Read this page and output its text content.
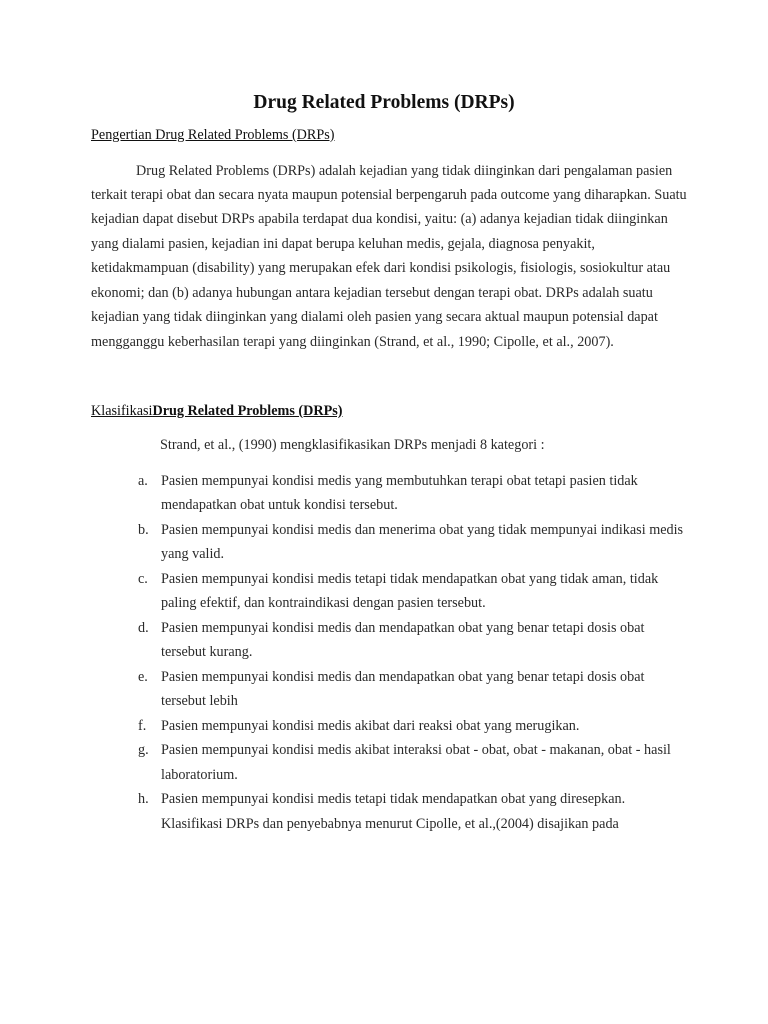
Drug Related Problems (DRPs)
Pengertian Drug Related Problems (DRPs)
Drug Related Problems (DRPs) adalah kejadian yang tidak diinginkan dari pengalaman pasien
terkait terapi obat dan secara nyata maupun potensial berpengaruh pada outcome yang diharapkan. Suatu
kejadian dapat disebut DRPs apabila terdapat dua kondisi, yaitu: (a) adanya kejadian tidak diinginkan
yang dialami pasien, kejadian ini dapat berupa keluhan medis, gejala, diagnosa penyakit,
ketidakmampuan (disability) yang merupakan efek dari kondisi psikologis, fisiologis, sosiokultur atau
ekonomi; dan (b) adanya hubungan antara kejadian tersebut dengan terapi obat. DRPs adalah suatu
kejadian yang tidak diinginkan yang dialami oleh pasien yang secara aktual maupun potensial dapat
mengganggu keberhasilan terapi yang diinginkan (Strand, et al., 1990; Cipolle, et al., 2007).
KlasifikasiDrug Related Problems (DRPs)
Strand, et al., (1990) mengklasifikasikan DRPs menjadi 8 kategori :
a. Pasien mempunyai kondisi medis yang membutuhkan terapi obat tetapi pasien tidak
mendapatkan obat untuk kondisi tersebut.
b. Pasien mempunyai kondisi medis dan menerima obat yang tidak mempunyai indikasi medis
yang valid.
c. Pasien mempunyai kondisi medis tetapi tidak mendapatkan obat yang tidak aman, tidak
paling efektif, dan kontraindikasi dengan pasien tersebut.
d. Pasien mempunyai kondisi medis dan mendapatkan obat yang benar tetapi dosis obat
tersebut kurang.
e. Pasien mempunyai kondisi medis dan mendapatkan obat yang benar tetapi dosis obat
tersebut lebih
f. Pasien mempunyai kondisi medis akibat dari reaksi obat yang merugikan.
g. Pasien mempunyai kondisi medis akibat interaksi obat - obat, obat - makanan, obat - hasil
laboratorium.
h. Pasien mempunyai kondisi medis tetapi tidak mendapatkan obat yang diresepkan.
Klasifikasi DRPs dan penyebabnya menurut Cipolle, et al.,(2004) disajikan pada
